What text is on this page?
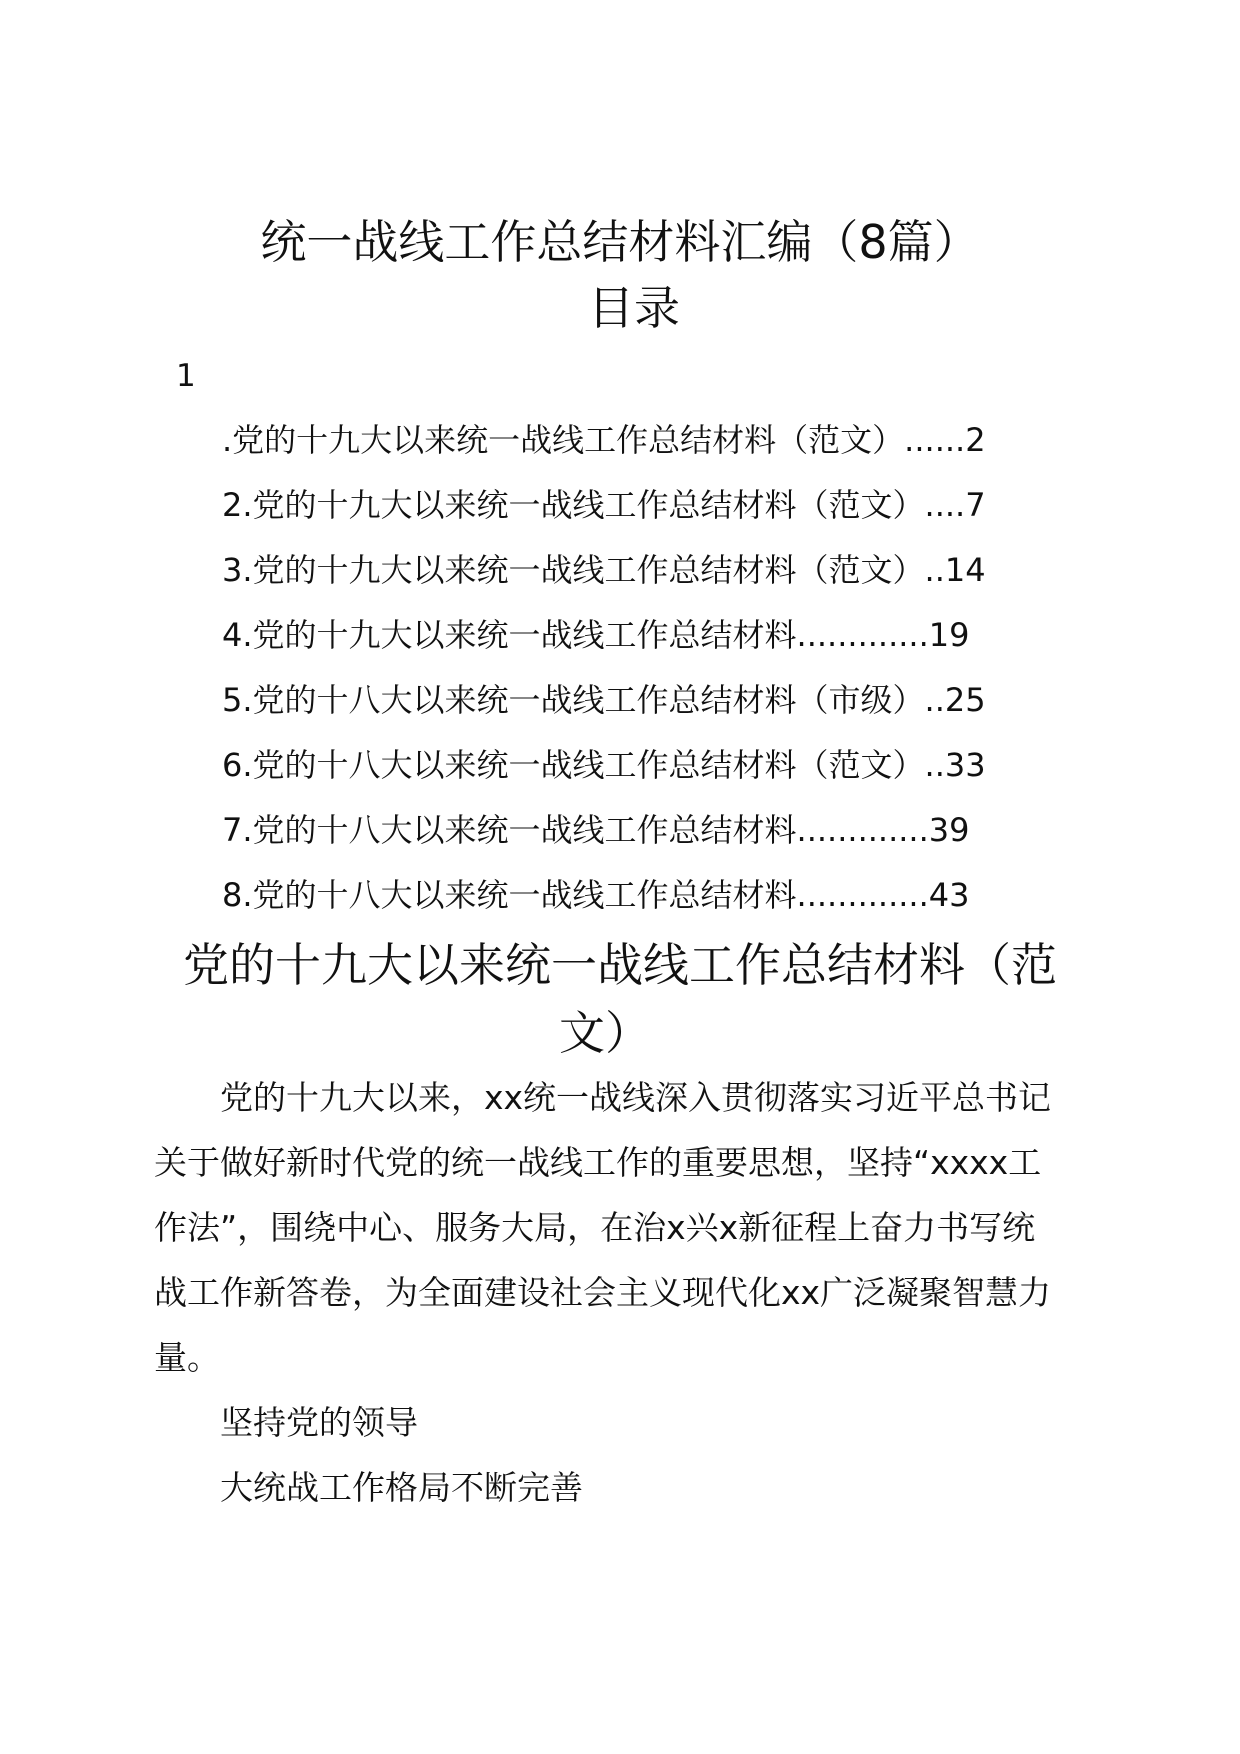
统一战线工作总结材料汇编（8篇）
目录
1
.党的十九大以来统一战线工作总结材料（范文）......2
2.党的十九大以来统一战线工作总结材料（范文）....7
3.党的十九大以来统一战线工作总结材料（范文）..14
4.党的十九大以来统一战线工作总结材料.............19
5.党的十八大以来统一战线工作总结材料（市级）..25
6.党的十八大以来统一战线工作总结材料（范文）..33
7.党的十八大以来统一战线工作总结材料.............39
8.党的十八大以来统一战线工作总结材料.............43
党的十九大以来统一战线工作总结材料（范
文）
党的十九大以来，xx统一战线深入贯彻落实习近平总书记
关于做好新时代党的统一战线工作的重要思想，坚持“xxxx工
作法”，围绕中心、服务大局，在治x兴x新征程上奋力书写统
战工作新答卷，为全面建设社会主义现代化xx广泛凝聚智慧力
量。
坚持党的领导
大统战工作格局不断完善
